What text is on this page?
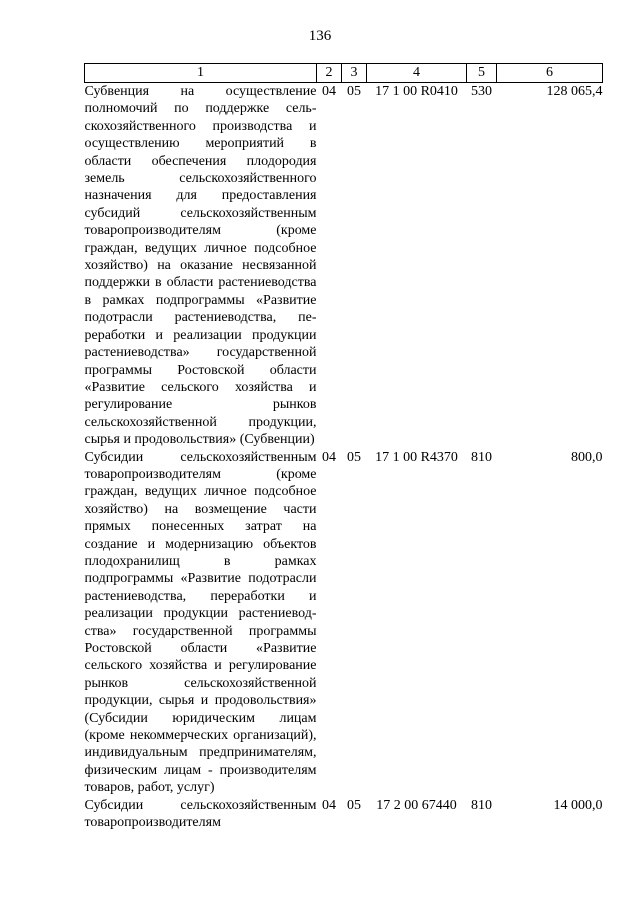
136
1	2	3	4	5	6
Субвенция на осуществление полномочий по поддержке сельскохозяйственного производства и осуществлению мероприятий в области обеспечения плодородия земель сельскохозяйственного назначения для предоставления субсидий сельскохозяйственным товаропроизводителям (кроме граждан, ведущих личное подсобное хозяйство) на оказание несвязанной поддержки в области растениеводства в рамках подпрограммы «Развитие подотрасли растениеводства, переработки и реализации продукции растениеводства» государственной программы Ростовской области «Развитие сельского хозяйства и регулирование рынков сельскохозяйственной продукции, сырья и продовольствия» (Субвенции)	04	05	17 1 00 R0410	530	128 065,4
Субсидии сельскохозяйственным товаропроизводителям (кроме граждан, ведущих личное подсобное хозяйство) на возмещение части прямых понесенных затрат на создание и модернизацию объектов плодохранилищ в рамках подпрограммы «Развитие подотрасли растениеводства, переработки и реализации продукции растениеводства» государственной программы Ростовской области «Развитие сельского хозяйства и регулирование рынков сельскохозяйственной продукции, сырья и продовольствия» (Субсидии юридическим лицам (кроме некоммерческих организаций), индивидуальным предпринимателям, физическим лицам - производителям товаров, работ, услуг)	04	05	17 1 00 R4370	810	800,0
Субсидии сельскохозяйственным товаропроизводителям	04	05	17 2 00 67440	810	14 000,0
